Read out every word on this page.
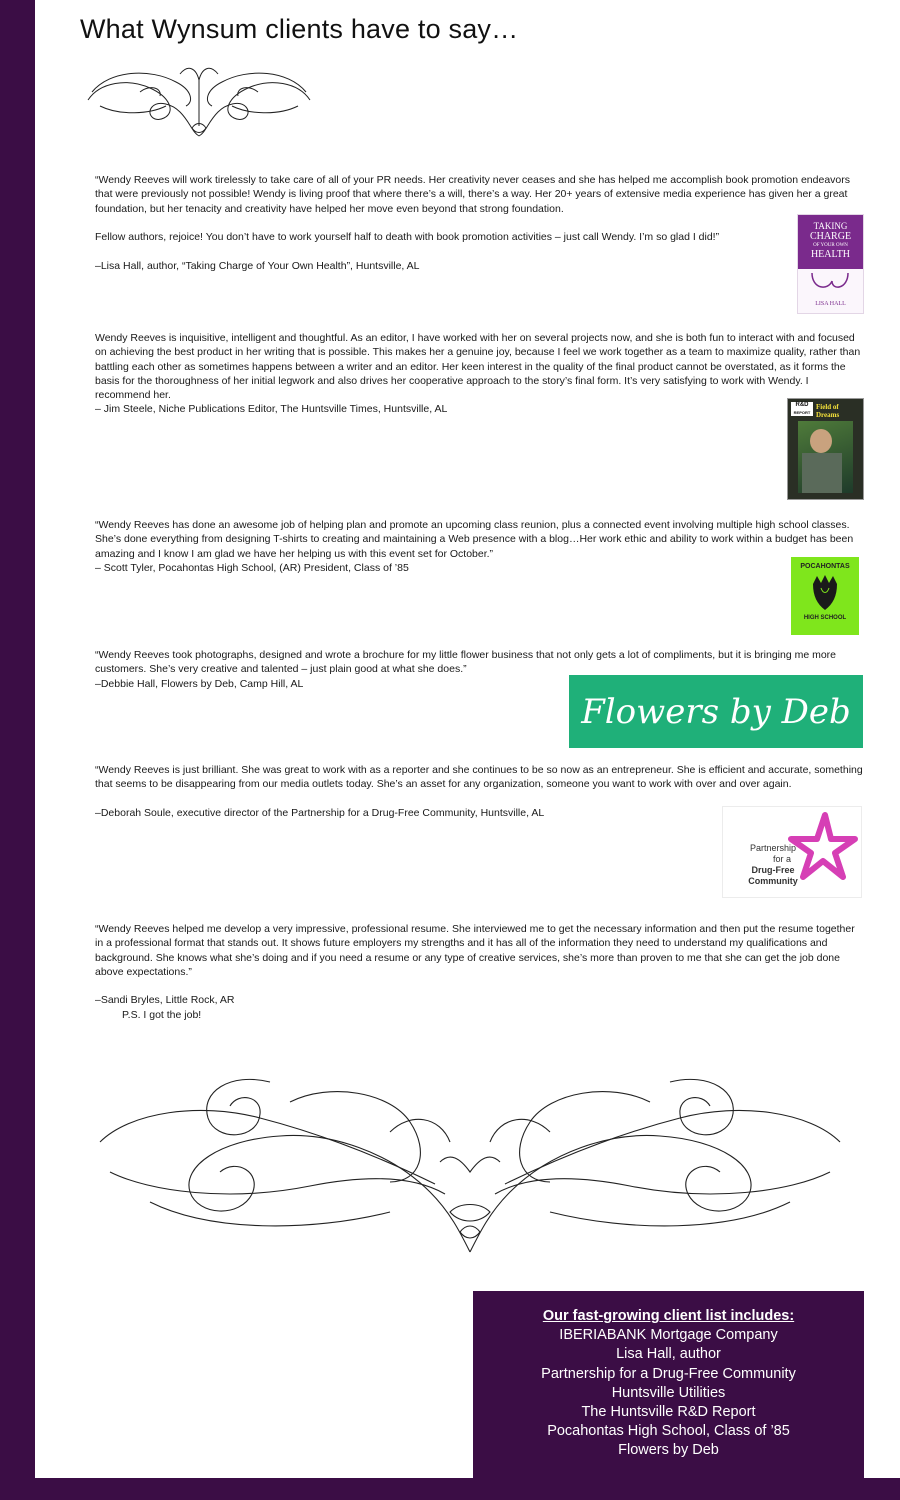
What Wynsum clients have to say…

“Wendy Reeves will work tirelessly to take care of all of your PR needs. Her creativity never ceases and she has helped me accomplish book promotion endeavors that were previously not possible! Wendy is living proof that where there’s a will, there’s a way. Her 20+ years of extensive media experience has given her a great foundation, but her tenacity and creativity have helped her move even beyond that strong foundation.

Fellow authors, rejoice! You don’t have to work yourself half to death with book promotion activities – just call Wendy. I’m so glad I did!”

–Lisa Hall, author, “Taking Charge of Your Own Health”, Huntsville, AL

TAKING
CHARGE
OF YOUR OWN
HEALTH
LISA HALL

Wendy Reeves is inquisitive, intelligent and thoughtful. As an editor, I have worked with her on several projects now, and she is both fun to interact with and focused on achieving the best product in her writing that is possible. This makes her a genuine joy, because I feel we work together as a team to maximize quality, rather than battling each other as sometimes happens between a writer and an editor. Her keen interest in the quality of the final product cannot be overstated, as it forms the basis for the thoroughness of her initial legwork and also drives her cooperative approach to the story’s final form. It’s very satisfying to work with Wendy. I recommend her.

– Jim Steele, Niche Publications Editor, The Huntsville Times, Huntsville, AL	R&D
REPORT
Field of Dreams

“Wendy Reeves has done an awesome job of helping plan and promote an upcoming class reunion, plus a connected event involving multiple high school classes. She’s done everything from designing T-shirts to creating and maintaining a Web presence with a blog…Her work ethic and ability to work within a budget has been amazing and I know I am glad we have her helping us with this event set for October.”

– Scott Tyler, Pocahontas High School, (AR) President, Class of ’85	POCAHONTAS
HIGH SCHOOL

“Wendy Reeves took photographs, designed and wrote a brochure for my little flower business that not only gets a lot of compliments, but it is bringing me more customers. She’s very creative and talented – just plain good at what she does.”

–Debbie Hall, Flowers by Deb, Camp Hill, AL

Flowers by Deb

“Wendy Reeves is just brilliant. She was great to work with as a reporter and she continues to be so now as an entrepreneur. She is efficient and accurate, something that seems to be disappearing from our media outlets today. She’s an asset for any organization, someone you want to work with over and over again.

–Deborah Soule, executive director of the Partnership for a Drug-Free Community, Huntsville, AL

Partnership
for a
Drug-Free
Community

“Wendy Reeves helped me develop a very impressive, professional resume. She interviewed me to get the necessary information and then put the resume together in a professional format that stands out. It shows future employers my strengths and it has all of the information they need to understand my qualifications and background. She knows what she’s doing and if you need a resume or any type of creative services, she’s more than proven to me that she can get the job done above expectations.”

–Sandi Bryles, Little Rock, AR

P.S. I got the job!

Our fast-growing client list includes:
IBERIABANK Mortgage Company
Lisa Hall, author
Partnership for a Drug-Free Community
Huntsville Utilities
The Huntsville R&D Report
Pocahontas High School, Class of ’85
Flowers by Deb
